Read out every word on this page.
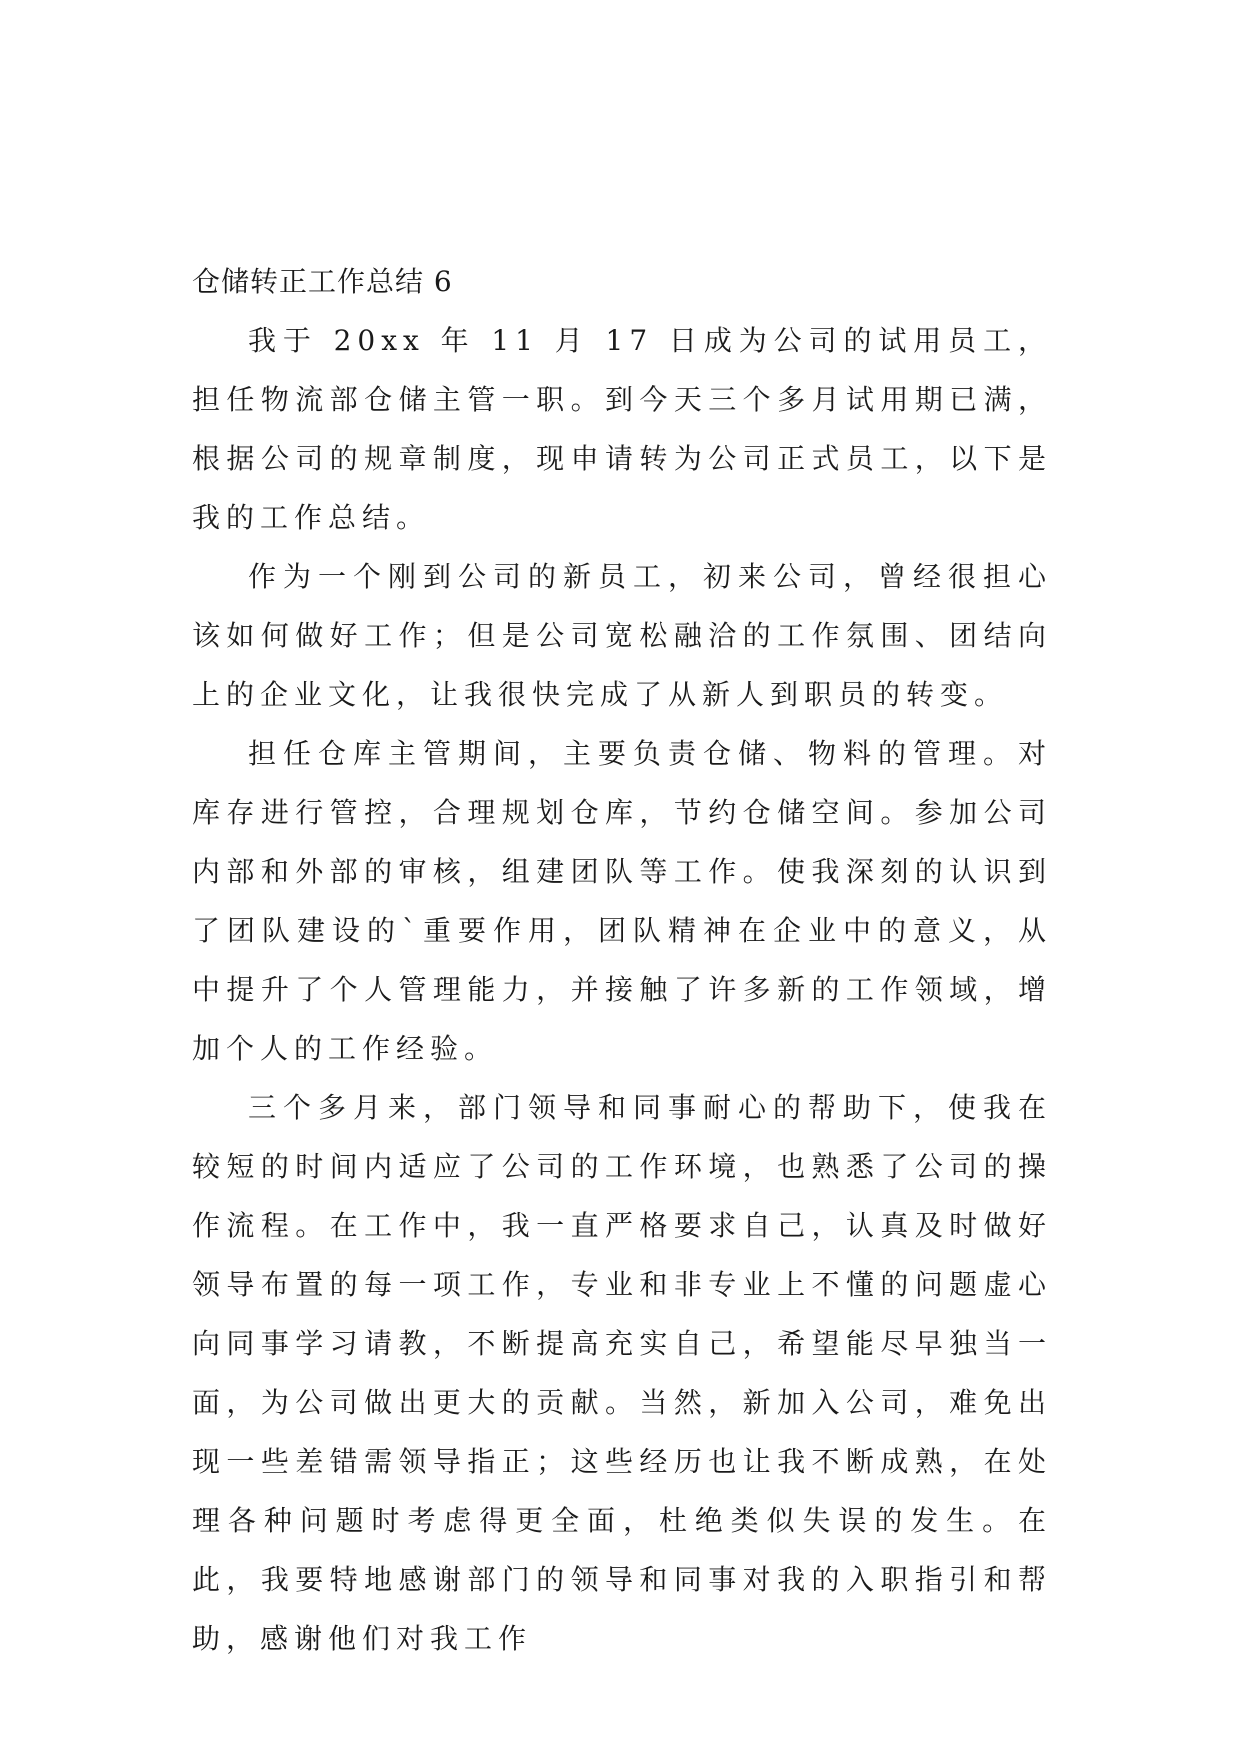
仓储转正工作总结 6

我于 20xx 年 11 月 17 日成为公司的试用员工，担任物流部仓储主管一职。到今天三个多月试用期已满，根据公司的规章制度，现申请转为公司正式员工，以下是我的工作总结。

作为一个刚到公司的新员工，初来公司，曾经很担心该如何做好工作；但是公司宽松融洽的工作氛围、团结向上的企业文化，让我很快完成了从新人到职员的转变。

担任仓库主管期间，主要负责仓储、物料的管理。对库存进行管控，合理规划仓库，节约仓储空间。参加公司内部和外部的审核，组建团队等工作。使我深刻的认识到了团队建设的`重要作用，团队精神在企业中的意义，从中提升了个人管理能力，并接触了许多新的工作领域，增加个人的工作经验。

三个多月来，部门领导和同事耐心的帮助下，使我在较短的时间内适应了公司的工作环境，也熟悉了公司的操作流程。在工作中，我一直严格要求自己，认真及时做好领导布置的每一项工作，专业和非专业上不懂的问题虚心向同事学习请教，不断提高充实自己，希望能尽早独当一面，为公司做出更大的贡献。当然，新加入公司，难免出现一些差错需领导指正；这些经历也让我不断成熟，在处理各种问题时考虑得更全面，杜绝类似失误的发生。在此，我要特地感谢部门的领导和同事对我的入职指引和帮助，感谢他们对我工作
